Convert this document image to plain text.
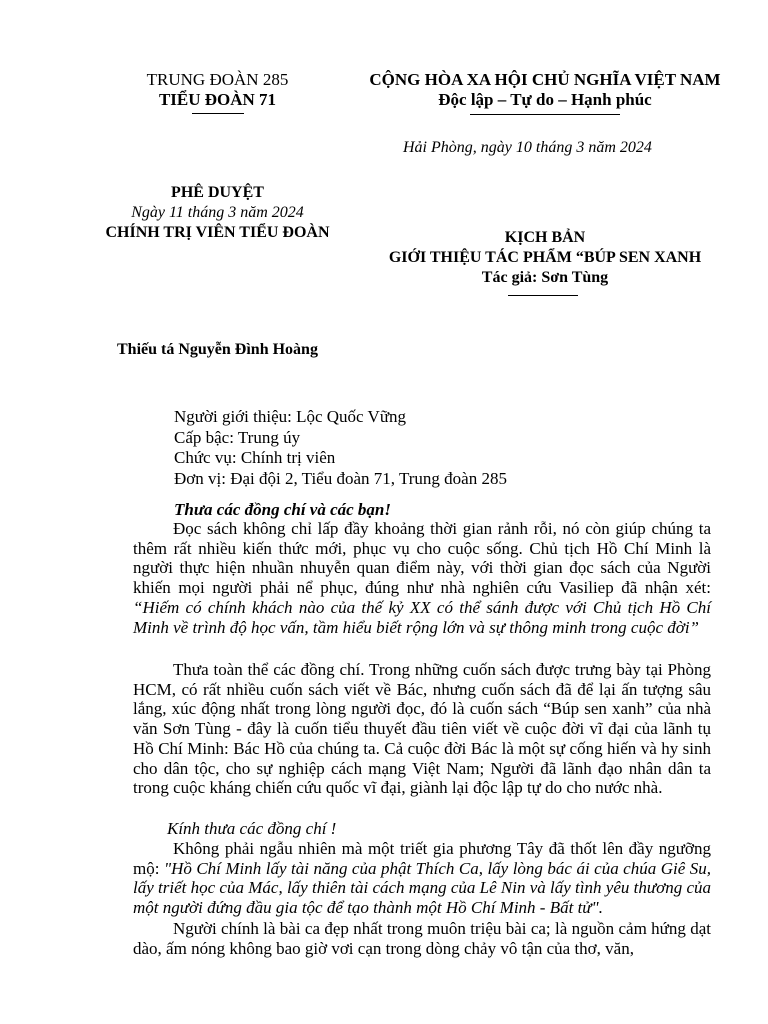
TRUNG ĐOÀN 285
TIỂU ĐOÀN 71
CỘNG HÒA XA HỘI CHỦ NGHĨA VIỆT NAM
Độc lập – Tự do – Hạnh phúc
Hải Phòng, ngày 10 tháng 3 năm 2024
PHÊ DUYỆT
Ngày 11 tháng 3 năm 2024
CHÍNH TRỊ VIÊN TIỂU ĐOÀN	KỊCH BẢN
GIỚI THIỆU TÁC PHẨM “BÚP SEN XANH
Tác giả: Sơn Tùng
Thiếu tá Nguyễn Đình Hoàng
Người giới thiệu: Lộc Quốc Vững
Cấp bậc: Trung úy
Chức vụ: Chính trị viên
Đơn vị: Đại đội 2, Tiểu đoàn 71, Trung đoàn 285
Thưa các đồng chí và các bạn!

Đọc sách không chỉ lấp đầy khoảng thời gian rảnh rỗi, nó còn giúp chúng ta thêm rất nhiều kiến thức mới, phục vụ cho cuộc sống. Chủ tịch Hồ Chí Minh là người thực hiện nhuần nhuyễn quan điểm này, với thời gian đọc sách của Người khiến mọi người phải nể phục, đúng như nhà nghiên cứu Vasiliep đã nhận xét: “Hiếm có chính khách nào của thế kỷ XX có thể sánh được với Chủ tịch Hồ Chí Minh về trình độ học vấn, tầm hiểu biết rộng lớn và sự thông minh trong cuộc đời”

Thưa toàn thể các đồng chí. Trong những cuốn sách được trưng bày tại Phòng HCM, có rất nhiều cuốn sách viết về Bác, nhưng cuốn sách đã để lại ấn tượng sâu lắng, xúc động nhất trong lòng người đọc, đó là cuốn sách “Búp sen xanh” của nhà văn Sơn Tùng - đây là cuốn tiểu thuyết đầu tiên viết về cuộc đời vĩ đại của lãnh tụ Hồ Chí Minh: Bác Hồ của chúng ta. Cả cuộc đời Bác là một sự cống hiến và hy sinh cho dân tộc, cho sự nghiệp cách mạng Việt Nam; Người đã lãnh đạo nhân dân ta trong cuộc kháng chiến cứu quốc vĩ đại, giành lại độc lập tự do cho nước nhà.

Kính thưa các đồng chí !

Không phải ngẫu nhiên mà một triết gia phương Tây đã thốt lên đầy ngưỡng mộ: "Hồ Chí Minh lấy tài năng của phật Thích Ca, lấy lòng bác ái của chúa Giê Su, lấy triết học của Mác, lấy thiên tài cách mạng của Lê Nin và lấy tình yêu thương của một người đứng đầu gia tộc để tạo thành một Hồ Chí Minh - Bất tử".

Người chính là bài ca đẹp nhất trong muôn triệu bài ca; là nguồn cảm hứng dạt dào, ấm nóng không bao giờ vơi cạn trong dòng chảy vô tận của thơ, văn,
